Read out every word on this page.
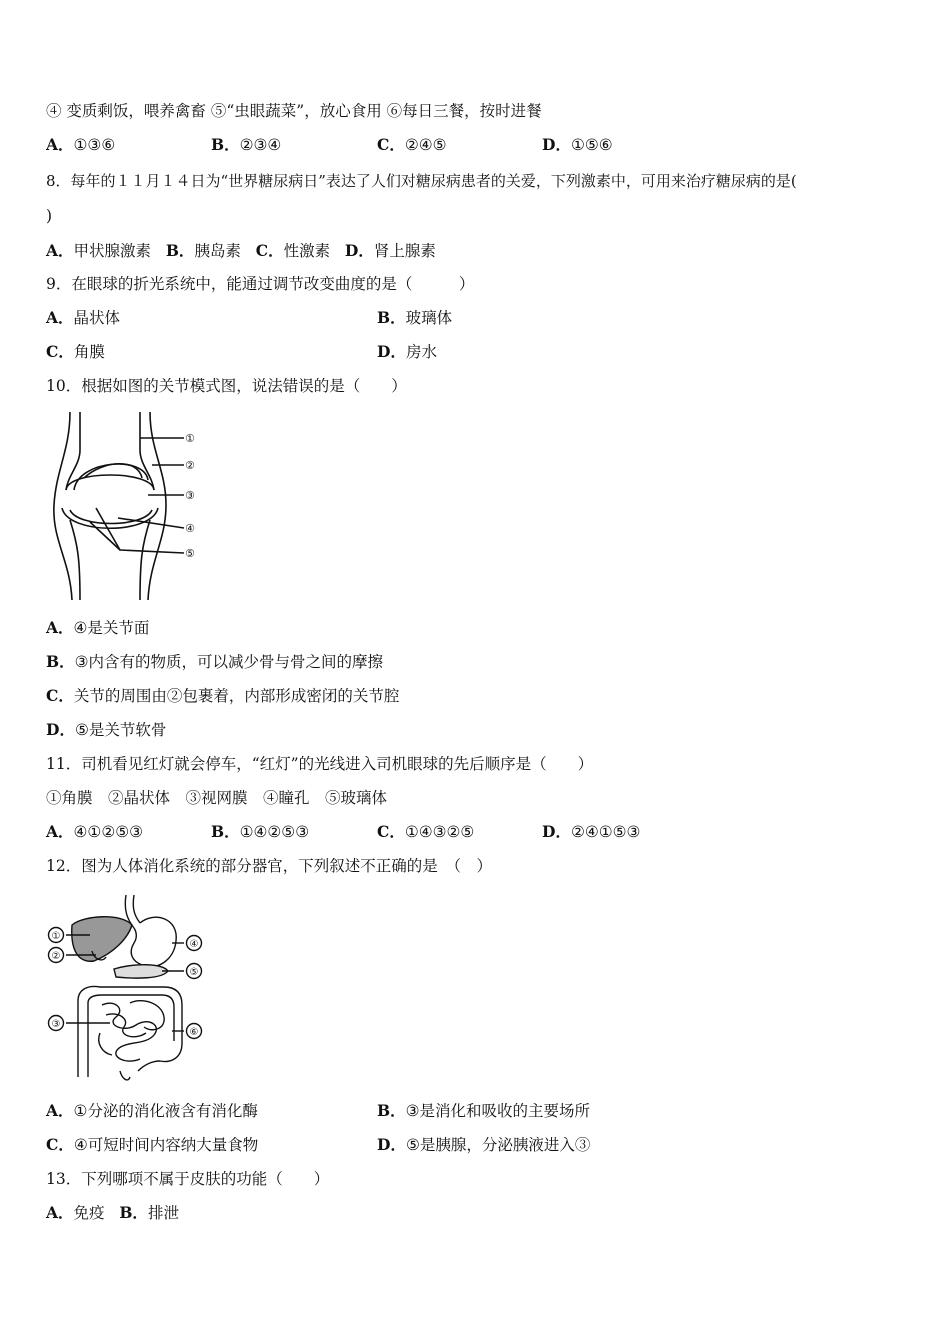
④ 变质剩饭，喂养禽畜 ⑤“虫眼蔬菜”，放心食用 ⑥每日三餐，按时进餐
A．①③⑥	B．②③④	C．②④⑤	D．①⑤⑥
8．每年的１１月１４日为“世界糖尿病日”表达了人们对糖尿病患者的关爱，下列激素中，可用来治疗糖尿病的是(
)
A．甲状腺激素 B．胰岛素 C．性激素 D．肾上腺素
9．在眼球的折光系统中，能通过调节改变曲度的是（　　　）
A．晶状体	B．玻璃体
C．角膜	D．房水
10．根据如图的关节模式图，说法错误的是（　　）
①
②
③
④
⑤
A．④是关节面
B．③内含有的物质，可以减少骨与骨之间的摩擦
C．关节的周围由②包裹着，内部形成密闭的关节腔
D．⑤是关节软骨
11．司机看见红灯就会停车，“红灯”的光线进入司机眼球的先后顺序是（　　）
①角膜　②晶状体　③视网膜　④瞳孔　⑤玻璃体
A．④①②⑤③	B．①④②⑤③	C．①④③②⑤	D．②④①⑤③
12．图为人体消化系统的部分器官，下列叙述不正确的是　（　）
①
②
③
④
⑤
⑥
A．①分泌的消化液含有消化酶	B．③是消化和吸收的主要场所
C．④可短时间内容纳大量食物	D．⑤是胰腺，分泌胰液进入③
13．下列哪项不属于皮肤的功能（　　）
A．免疫 B．排泄
